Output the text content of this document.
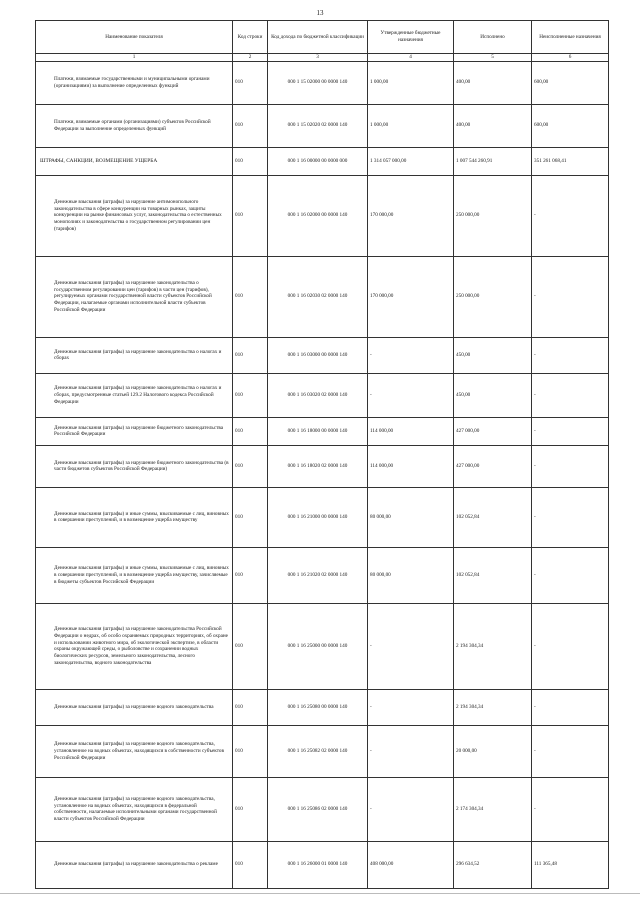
13
Наименование показателя	Код строки	Код дохода по бюджетной классификации	Утвержденные бюджетные назначения	Исполнено	Неисполненные назначения
1	2	3	4	5	6
Платежи, взимаемые государственными и муниципальными органами (организациями) за выполнение определенных функций	010	000 1 15 02000 00 0000 140	1 000,00	400,00	600,00
Платежи, взимаемые органами (организациями) субъектов Российской Федерации за выполнение определенных функций	010	000 1 15 02020 02 0000 140	1 000,00	400,00	600,00
ШТРАФЫ, САНКЦИИ, ВОЗМЕЩЕНИЕ УЩЕРБА	010	000 1 16 00000 00 0000 000	1 314 057 000,00	1 007 544 260,91	351 261 068,41
Денежные взыскания (штрафы) за нарушение антимонопольного законодательства в сфере конкуренции на товарных рынках, защиты конкуренции на рынке финансовых услуг, законодательства о естественных монополиях и законодательства о государственном регулировании цен (тарифов)	010	000 1 16 02000 00 0000 140	170 000,00	250 000,00	-
Денежные взыскания (штрафы) за нарушение законодательства о государственном регулировании цен (тарифов) в части цен (тарифов), регулируемых органами государственной власти субъектов Российской Федерации, налагаемые органами исполнительной власти субъектов Российской Федерации	010	000 1 16 02030 02 0000 140	170 000,00	250 000,00	-
Денежные взыскания (штрафы) за нарушение законодательства о налогах и сборах	010	000 1 16 03000 00 0000 140	-	450,00	-
Денежные взыскания (штрафы) за нарушение законодательства о налогах и сборах, предусмотренные статьей 129.2 Налогового кодекса Российской Федерации	010	000 1 16 03020 02 0000 140	-	450,00	-
Денежные взыскания (штрафы) за нарушение бюджетного законодательства Российской Федерации	010	000 1 16 18000 00 0000 140	114 000,00	427 000,00	-
Денежные взыскания (штрафы) за нарушение бюджетного законодательства (в части бюджетов субъектов Российской Федерации)	010	000 1 16 18020 02 0000 140	114 000,00	427 000,00	-
Денежные взыскания (штрафы) и иные суммы, взыскиваемые с лиц, виновных в совершении преступлений, и в возмещение ущерба имуществу	010	000 1 16 21000 00 0000 140	80 000,00	102 052,84	-
Денежные взыскания (штрафы) и иные суммы, взыскиваемые с лиц, виновных в совершении преступлений, и в возмещение ущерба имуществу, зачисляемые в бюджеты субъектов Российской Федерации	010	000 1 16 21020 02 0000 140	80 000,00	102 052,84	-
Денежные взыскания (штрафы) за нарушение законодательства Российской Федерации о недрах, об особо охраняемых природных территориях, об охране и использовании животного мира, об экологической экспертизе, в области охраны окружающей среды, о рыболовстве и сохранении водных биологических ресурсов, земельного законодательства, лесного законодательства, водного законодательства	010	000 1 16 25000 00 0000 140	-	2 194 304,34	-
Денежные взыскания (штрафы) за нарушение водного законодательства	010	000 1 16 25080 00 0000 140	-	2 194 304,34	-
Денежные взыскания (штрафы) за нарушение водного законодательства, установленное на водных объектах, находящихся в собственности субъектов Российской Федерации	010	000 1 16 25082 02 0000 140	-	20 000,00	-
Денежные взыскания (штрафы) за нарушение водного законодательства, установленное на водных объектах, находящихся в федеральной собственности, налагаемые исполнительными органами государственной власти субъектов Российской Федерации	010	000 1 16 25086 02 0000 140	-	2 174 304,34	-
Денежные взыскания (штрафы) за нарушение законодательства о рекламе	010	000 1 16 26000 01 0000 140	408 000,00	296 634,52	111 365,48
